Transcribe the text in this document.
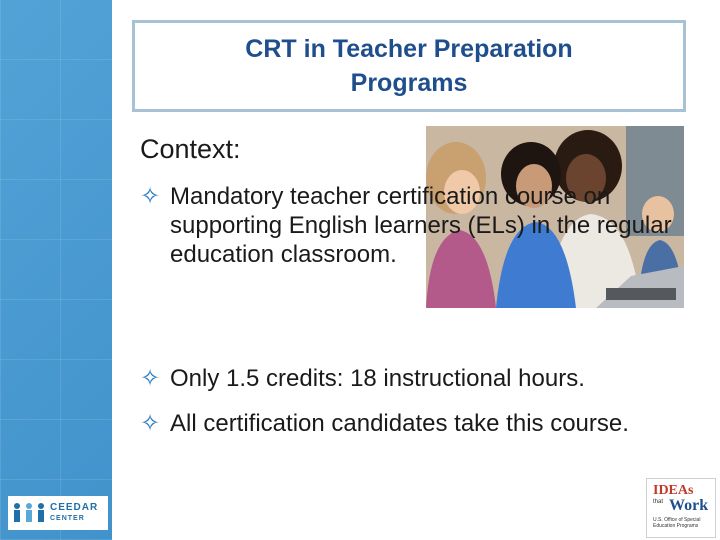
CRT in Teacher Preparation Programs
Context:
✧ Mandatory teacher certification course on supporting English learners (ELs) in the regular education classroom.
✧ Only 1.5 credits: 18 instructional hours.
✧ All certification candidates take this course.
CEEDAR
CENTER
IDEAs
that Work
U.S. Office of Special Education Programs
